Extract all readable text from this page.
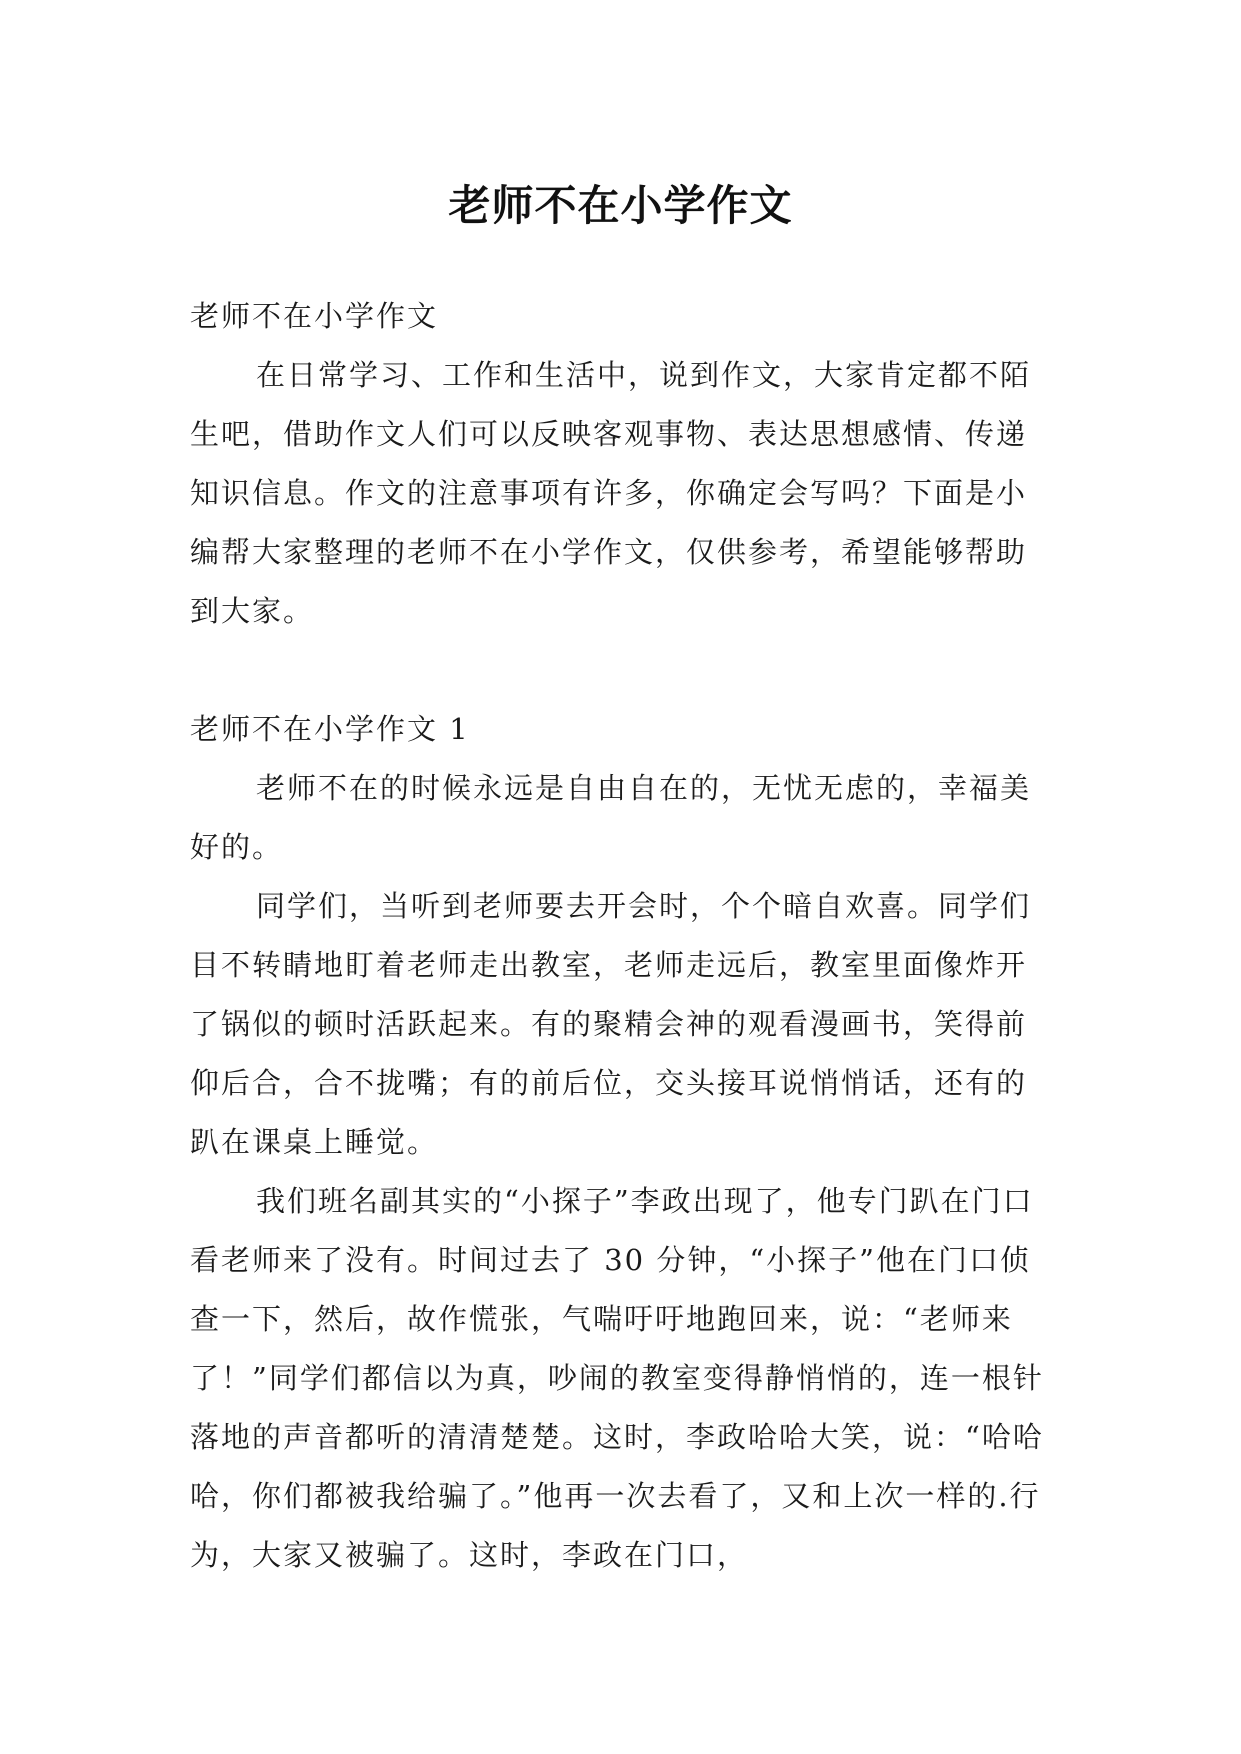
老师不在小学作文

老师不在小学作文

在日常学习、工作和生活中，说到作文，大家肯定都不陌生吧，借助作文人们可以反映客观事物、表达思想感情、传递知识信息。作文的注意事项有许多，你确定会写吗？下面是小编帮大家整理的老师不在小学作文，仅供参考，希望能够帮助到大家。

老师不在小学作文 1

老师不在的时候永远是自由自在的，无忧无虑的，幸福美好的。

同学们，当听到老师要去开会时，个个暗自欢喜。同学们目不转睛地盯着老师走出教室，老师走远后，教室里面像炸开了锅似的顿时活跃起来。有的聚精会神的观看漫画书，笑得前仰后合，合不拢嘴；有的前后位，交头接耳说悄悄话，还有的趴在课桌上睡觉。

我们班名副其实的“小探子”李政出现了，他专门趴在门口看老师来了没有。时间过去了 30 分钟，“小探子”他在门口侦查一下，然后，故作慌张，气喘吁吁地跑回来，说：“老师来了！”同学们都信以为真，吵闹的教室变得静悄悄的，连一根针落地的声音都听的清清楚楚。这时，李政哈哈大笑，说：“哈哈哈，你们都被我给骗了。”他再一次去看了，又和上次一样的.行为，大家又被骗了。这时，李政在门口，
